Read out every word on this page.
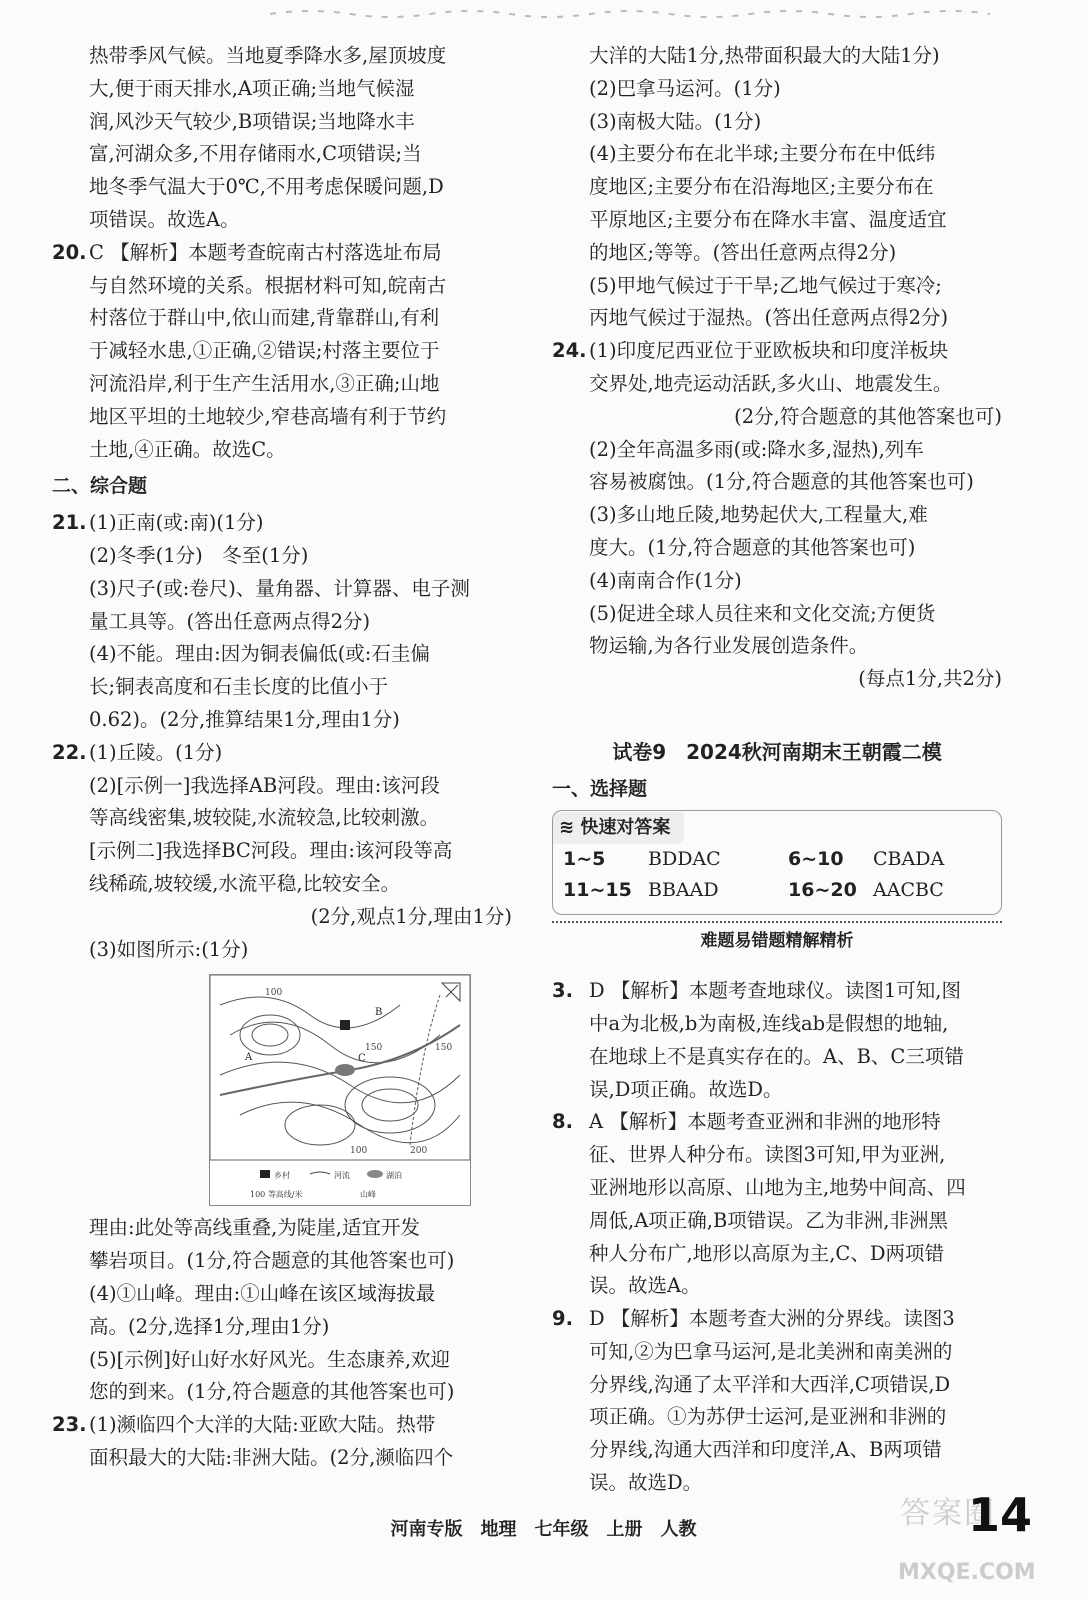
热带季风气候。当地夏季降水多,屋顶坡度

大,便于雨天排水,A项正确;当地气候湿

润,风沙天气较少,B项错误;当地降水丰

富,河湖众多,不用存储雨水,C项错误;当

地冬季气温大于0℃,不用考虑保暖问题,D

项错误。故选A。

20. C 【解析】本题考查皖南古村落选址布局

与自然环境的关系。根据材料可知,皖南古

村落位于群山中,依山而建,背靠群山,有利

于减轻水患,①正确,②错误;村落主要位于

河流沿岸,利于生产生活用水,③正确;山地

地区平坦的土地较少,窄巷高墙有利于节约

土地,④正确。故选C。

二、综合题

21. (1)正南(或:南)(1分)

(2)冬季(1分)　冬至(1分)

(3)尺子(或:卷尺)、量角器、计算器、电子测

量工具等。(答出任意两点得2分)

(4)不能。理由:因为铜表偏低(或:石圭偏

长;铜表高度和石圭长度的比值小于

0.62)。(2分,推算结果1分,理由1分)

22. (1)丘陵。(1分)

(2)[示例一]我选择AB河段。理由:该河段

等高线密集,坡较陡,水流较急,比较刺激。

[示例二]我选择BC河段。理由:该河段等高

线稀疏,坡较缓,水流平稳,比较安全。

(2分,观点1分,理由1分)

(3)如图所示:(1分)

100
B
150
C
A
100
150
200
乡村	河流	湖泊
100 等高线/米	山峰

理由:此处等高线重叠,为陡崖,适宜开发

攀岩项目。(1分,符合题意的其他答案也可)

(4)①山峰。理由:①山峰在该区域海拔最

高。(2分,选择1分,理由1分)

(5)[示例]好山好水好风光。生态康养,欢迎

您的到来。(1分,符合题意的其他答案也可)

23. (1)濒临四个大洋的大陆:亚欧大陆。热带

面积最大的大陆:非洲大陆。(2分,濒临四个

大洋的大陆1分,热带面积最大的大陆1分)

(2)巴拿马运河。(1分)

(3)南极大陆。(1分)

(4)主要分布在北半球;主要分布在中低纬

度地区;主要分布在沿海地区;主要分布在

平原地区;主要分布在降水丰富、温度适宜

的地区;等等。(答出任意两点得2分)

(5)甲地气候过于干旱;乙地气候过于寒冷;

丙地气候过于湿热。(答出任意两点得2分)

24. (1)印度尼西亚位于亚欧板块和印度洋板块

交界处,地壳运动活跃,多火山、地震发生。

(2分,符合题意的其他答案也可)

(2)全年高温多雨(或:降水多,湿热),列车

容易被腐蚀。(1分,符合题意的其他答案也可)

(3)多山地丘陵,地势起伏大,工程量大,难

度大。(1分,符合题意的其他答案也可)

(4)南南合作(1分)

(5)促进全球人员往来和文化交流;方便货

物运输,为各行业发展创造条件。

(每点1分,共2分)

试卷9　2024秋河南期末王朝霞二模

一、选择题

≋ 快速对答案
1~5	BDDAC	6~10	CBADA
11~15 BBAAD	16~20 AACBC

难题易错题精解精析

3. D 【解析】本题考查地球仪。读图1可知,图

中a为北极,b为南极,连线ab是假想的地轴,

在地球上不是真实存在的。A、B、C三项错

误,D项正确。故选D。

8. A 【解析】本题考查亚洲和非洲的地形特

征、世界人种分布。读图3可知,甲为亚洲,

亚洲地形以高原、山地为主,地势中间高、四

周低,A项正确,B项错误。乙为非洲,非洲黑

种人分布广,地形以高原为主,C、D两项错

误。故选A。

9. D 【解析】本题考查大洲的分界线。读图3

可知,②为巴拿马运河,是北美洲和南美洲的

分界线,沟通了太平洋和大西洋,C项错误,D

项正确。①为苏伊士运河,是亚洲和非洲的

分界线,沟通大西洋和印度洋,A、B两项错

误。故选D。

河南专版　地理　七年级　上册　人教	答案圈
14
MXQE.COM
